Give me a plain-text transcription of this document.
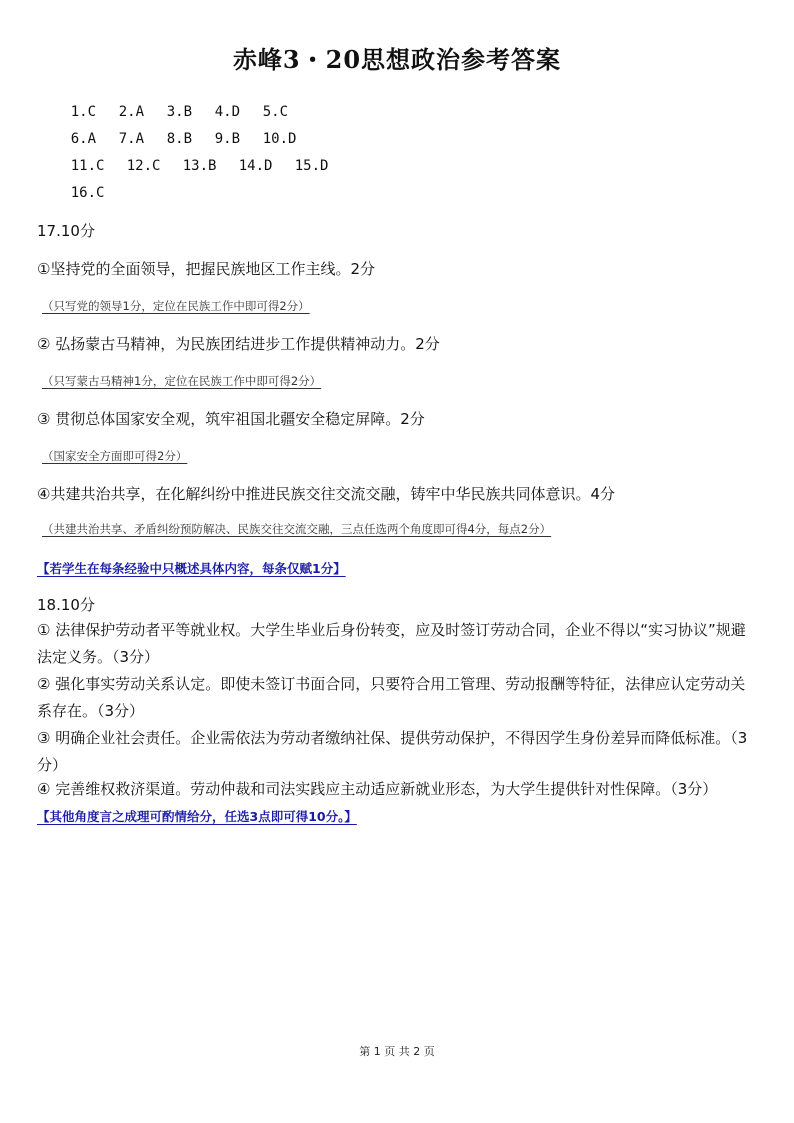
赤峰3・20思想政治参考答案

1.C 2.A 3.B 4.D 5.C

6.A 7.A 8.B 9.B 10.D

11.C 12.C 13.B 14.D 15.D

16.C

17.10分
①坚持党的全面领导，把握民族地区工作主线。2分
（只写党的领导1分，定位在民族工作中即可得2分）
② 弘扬蒙古马精神，为民族团结进步工作提供精神动力。2分
（只写蒙古马精神1分，定位在民族工作中即可得2分）
③ 贯彻总体国家安全观，筑牢祖国北疆安全稳定屏障。2分
（国家安全方面即可得2分）
④共建共治共享，在化解纠纷中推进民族交往交流交融，铸牢中华民族共同体意识。4分
（共建共治共享、矛盾纠纷预防解决、民族交往交流交融，三点任选两个角度即可得4分，每点2分）
【若学生在每条经验中只概述具体内容，每条仅赋1分】
18.10分
① 法律保护劳动者平等就业权。大学生毕业后身份转变，应及时签订劳动合同，企业不得以“实习协议”规避法定义务。（3分）
② 强化事实劳动关系认定。即使未签订书面合同，只要符合用工管理、劳动报酬等特征，法律应认定劳动关系存在。（3分）
③ 明确企业社会责任。企业需依法为劳动者缴纳社保、提供劳动保护，不得因学生身份差异而降低标准。（3分）
④ 完善维权救济渠道。劳动仲裁和司法实践应主动适应新就业形态，为大学生提供针对性保障。（3分）
【其他角度言之成理可酌情给分，任选3点即可得10分。】
第 1 页 共 2 页
